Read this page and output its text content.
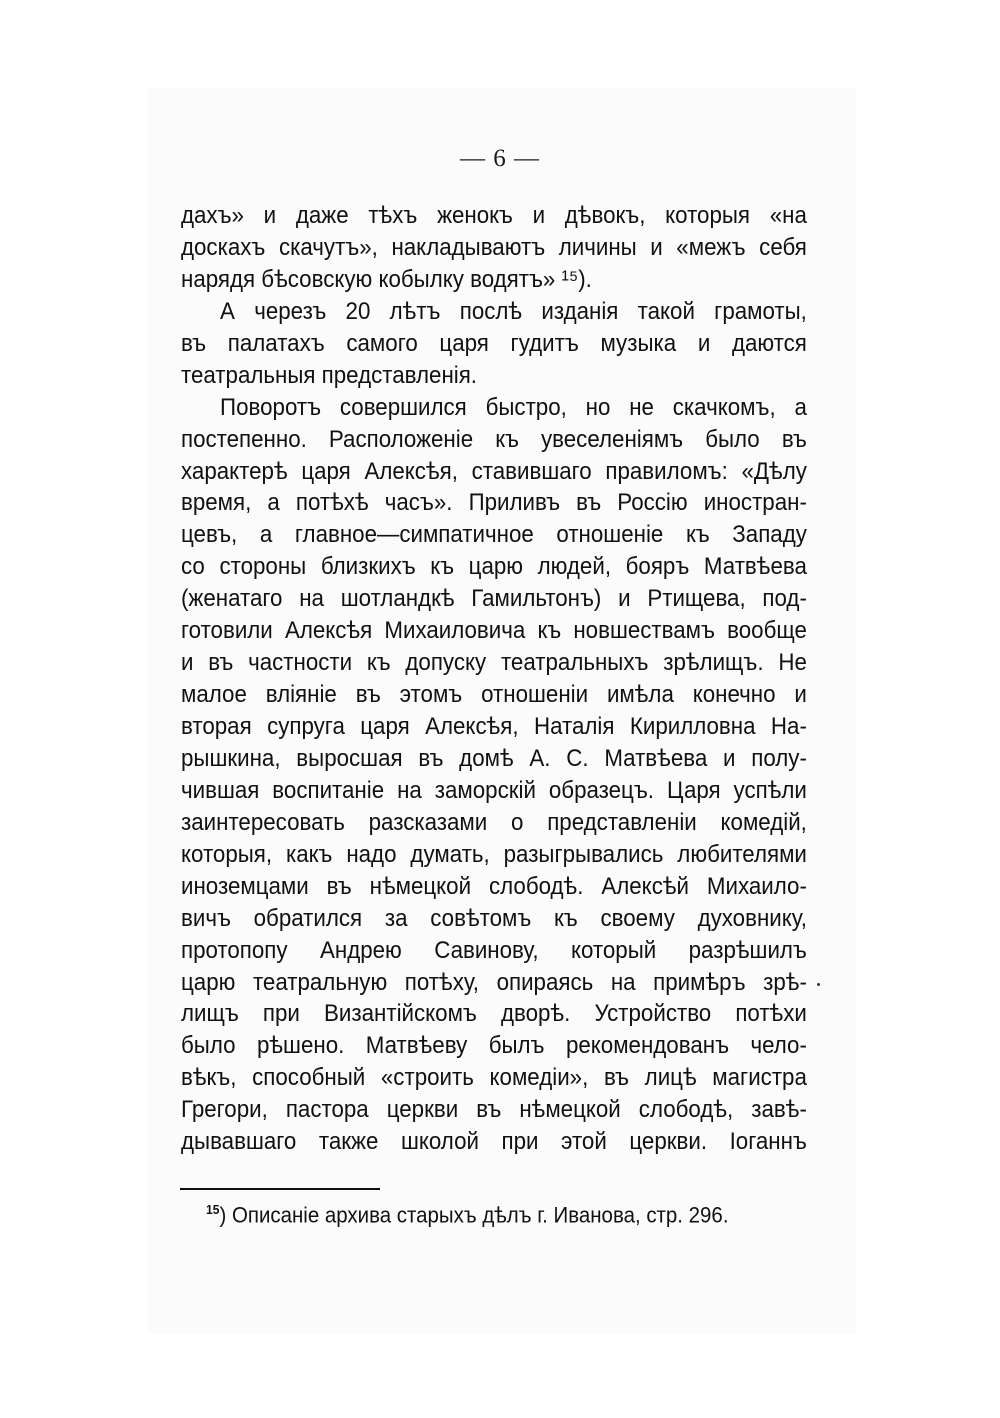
— 6 —
дахъ» и даже тѣхъ женокъ и дѣвокъ, которыя «на
доскахъ скачутъ», накладываютъ личины и «межъ себя
нарядя бѣсовскую кобылку водятъ» ¹⁵).
А черезъ 20 лѣтъ послѣ изданія такой грамоты,
въ палатахъ самого царя гудитъ музыка и даются
театральныя представленія.
Поворотъ совершился быстро, но не скачкомъ, а
постепенно. Расположеніе къ увеселеніямъ было въ
характерѣ царя Алексѣя, ставившаго правиломъ: «Дѣлу
время, а потѣхѣ часъ». Приливъ въ Россію иностран-
цевъ, а главное—симпатичное отношеніе къ Западу
со стороны близкихъ къ царю людей, бояръ Матвѣева
(женатаго на шотландкѣ Гамильтонъ) и Ртищева, под-
готовили Алексѣя Михаиловича къ новшествамъ вообще
и въ частности къ допуску театральныхъ зрѣлищъ. Не
малое вліяніе въ этомъ отношеніи имѣла конечно и
вторая супруга царя Алексѣя, Наталія Кирилловна На-
рышкина, выросшая въ домѣ А. С. Матвѣева и полу-
чившая воспитаніе на заморскій образецъ. Царя успѣли
заинтересовать разсказами о представленіи комедій,
которыя, какъ надо думать, разыгрывались любителями
иноземцами въ нѣмецкой слободѣ. Алексѣй Михаило-
вичъ обратился за совѣтомъ къ своему духовнику,
протопопу Андрею Савинову, который разрѣшилъ
царю театральную потѣху, опираясь на примѣръ зрѣ-
лищъ при Византійскомъ дворѣ. Устройство потѣхи
было рѣшено. Матвѣеву былъ рекомендованъ чело-
вѣкъ, способный «строить комедіи», въ лицѣ магистра
Грегори, пастора церкви въ нѣмецкой слободѣ, завѣ-
дывавшаго также школой при этой церкви. Іоганнъ
$^{15}$) Описаніе архива старыхъ дѣлъ г. Иванова, стр. 296.
